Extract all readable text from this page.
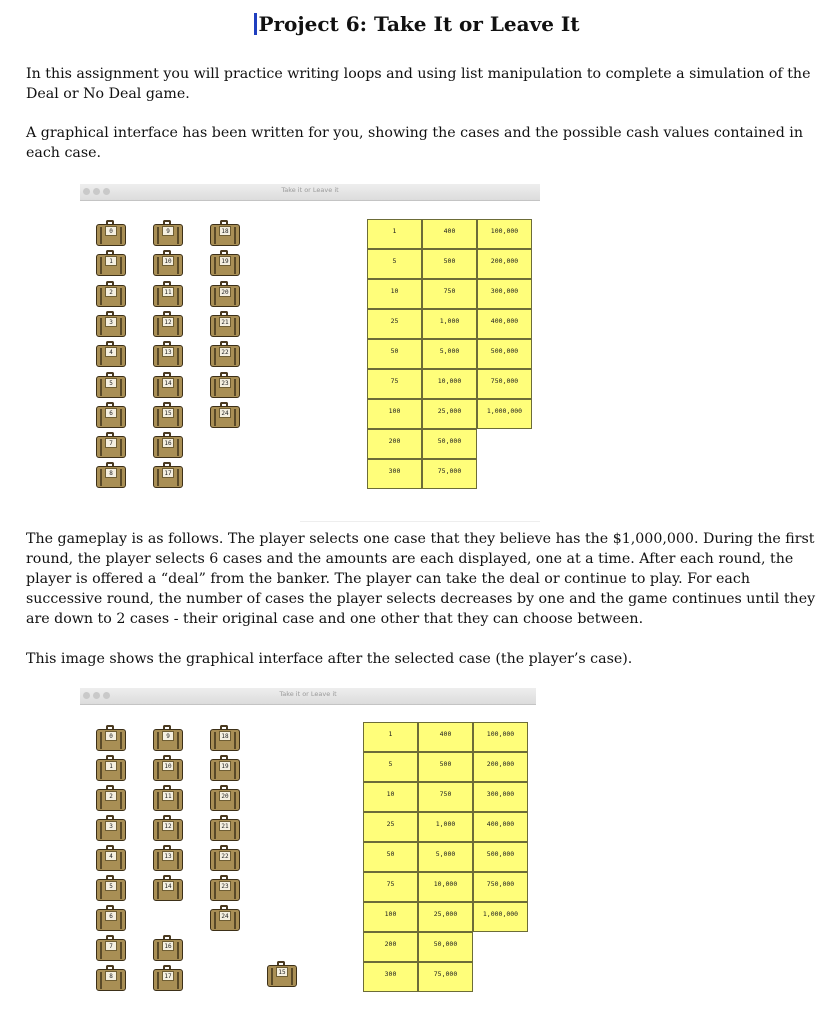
Project 6: Take It or Leave It
In this assignment you will practice writing loops and using list manipulation to complete a simulation of the Deal or No Deal game.
A graphical interface has been written for you, showing the cases and the possible cash values contained in each case.
Take it or Leave it
0
1
2
3
4
5
6
7
8
9
10
11
12
13
14
15
16
17
18
19
20
21
22
23
24
1	400	100,000
5	500	200,000
10	750	300,000
25	1,000	400,000
50	5,000	500,000
75	10,000	750,000
100	25,000	1,000,000
200	50,000
300	75,000
The gameplay is as follows. The player selects one case that they believe has the $1,000,000. During the first round, the player selects 6 cases and the amounts are each displayed, one at a time. After each round, the player is offered a “deal” from the banker. The player can take the deal or continue to play. For each successive round, the number of cases the player selects decreases by one and the game continues until they are down to 2 cases - their original case and one other that they can choose between.
This image shows the graphical interface after the selected case (the player’s case).
Take it or Leave it
0
1
2
3
4
5
6
7
8
9
10
11
12
13
14
16
17
18
19
20
21
22
23
24
15
1	400	100,000
5	500	200,000
10	750	300,000
25	1,000	400,000
50	5,000	500,000
75	10,000	750,000
100	25,000	1,000,000
200	50,000
300	75,000
